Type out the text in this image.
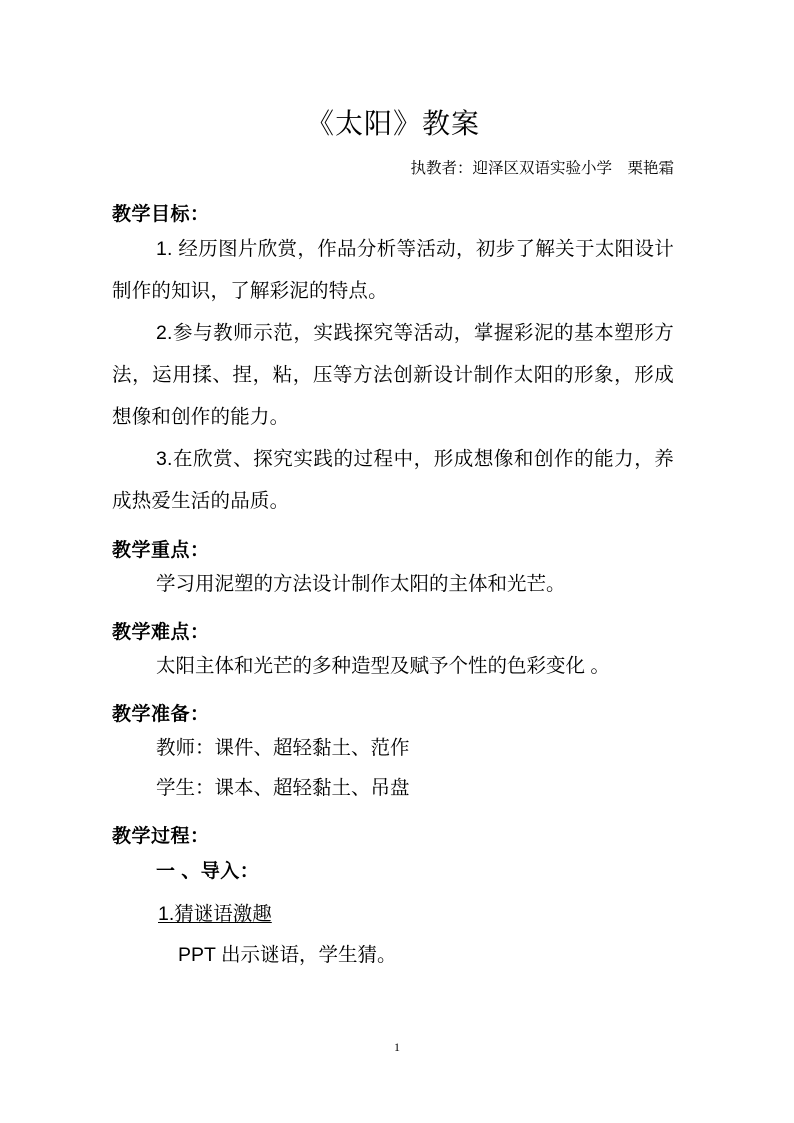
《太阳》教案
执教者：迎泽区双语实验小学    栗艳霜
教学目标：

1. 经历图片欣赏，作品分析等活动，初步了解关于太阳设计制作的知识，了解彩泥的特点。

2.参与教师示范，实践探究等活动，掌握彩泥的基本塑形方法，运用揉、捏，粘，压等方法创新设计制作太阳的形象，形成想像和创作的能力。

3.在欣赏、探究实践的过程中，形成想像和创作的能力，养成热爱生活的品质。

教学重点：

学习用泥塑的方法设计制作太阳的主体和光芒。

教学难点：

太阳主体和光芒的多种造型及赋予个性的色彩变化 。

教学准备：

教师：课件、超轻黏土、范作

学生：课本、超轻黏土、吊盘

教学过程：

一 、导入：

1.猜谜语激趣

PPT 出示谜语，学生猜。

1
